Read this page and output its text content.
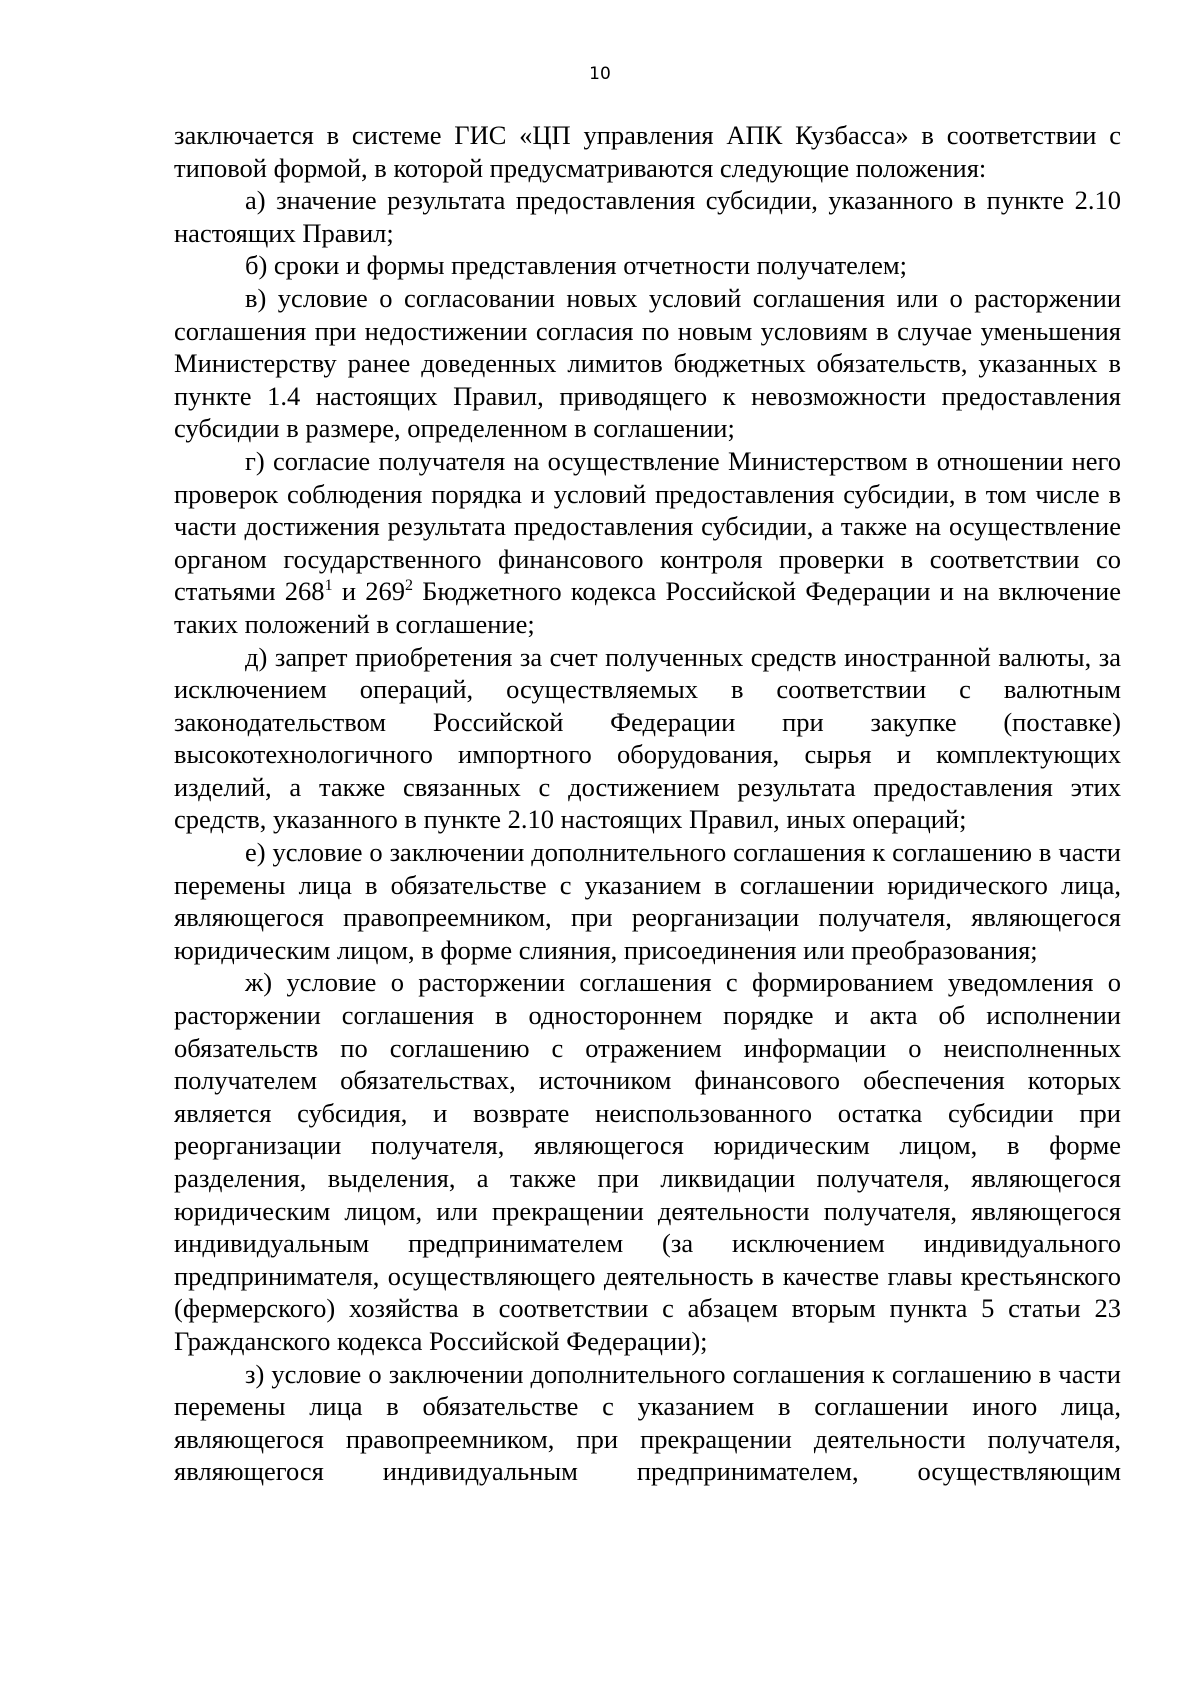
10

заключается в системе ГИС «ЦП управления АПК Кузбасса» в соответствии с типовой формой, в которой предусматриваются следующие положения:

а) значение результата предоставления субсидии, указанного в пункте 2.10 настоящих Правил;

б) сроки и формы представления отчетности получателем;

в) условие о согласовании новых условий соглашения или о расторжении соглашения при недостижении согласия по новым условиям в случае уменьшения Министерству ранее доведенных лимитов бюджетных обязательств, указанных в пункте 1.4 настоящих Правил, приводящего к невозможности предоставления субсидии в размере, определенном в соглашении;

г) согласие получателя на осуществление Министерством в отношении него проверок соблюдения порядка и условий предоставления субсидии, в том числе в части достижения результата предоставления субсидии, а также на осуществление органом государственного финансового контроля проверки в соответствии со статьями $268^1$ и $269^2$ Бюджетного кодекса Российской Федерации и на включение таких положений в соглашение;

д) запрет приобретения за счет полученных средств иностранной валюты, за исключением операций, осуществляемых в соответствии с валютным законодательством Российской Федерации при закупке (поставке) высокотехнологичного импортного оборудования, сырья и комплектующих изделий, а также связанных с достижением результата предоставления этих средств, указанного в пункте 2.10 настоящих Правил, иных операций;

е) условие о заключении дополнительного соглашения к соглашению в части перемены лица в обязательстве с указанием в соглашении юридического лица, являющегося правопреемником, при реорганизации получателя, являющегося юридическим лицом, в форме слияния, присоединения или преобразования;

ж) условие о расторжении соглашения с формированием уведомления о расторжении соглашения в одностороннем порядке и акта об исполнении обязательств по соглашению с отражением информации о неисполненных получателем обязательствах, источником финансового обеспечения которых является субсидия, и возврате неиспользованного остатка субсидии при реорганизации получателя, являющегося юридическим лицом, в форме разделения, выделения, а также при ликвидации получателя, являющегося юридическим лицом, или прекращении деятельности получателя, являющегося индивидуальным предпринимателем (за исключением индивидуального предпринимателя, осуществляющего деятельность в качестве главы крестьянского (фермерского) хозяйства в соответствии с абзацем вторым пункта 5 статьи 23 Гражданского кодекса Российской Федерации);

з) условие о заключении дополнительного соглашения к соглашению в части перемены лица в обязательстве с указанием в соглашении иного лица, являющегося правопреемником, при прекращении деятельности получателя, являющегося индивидуальным предпринимателем, осуществляющим
